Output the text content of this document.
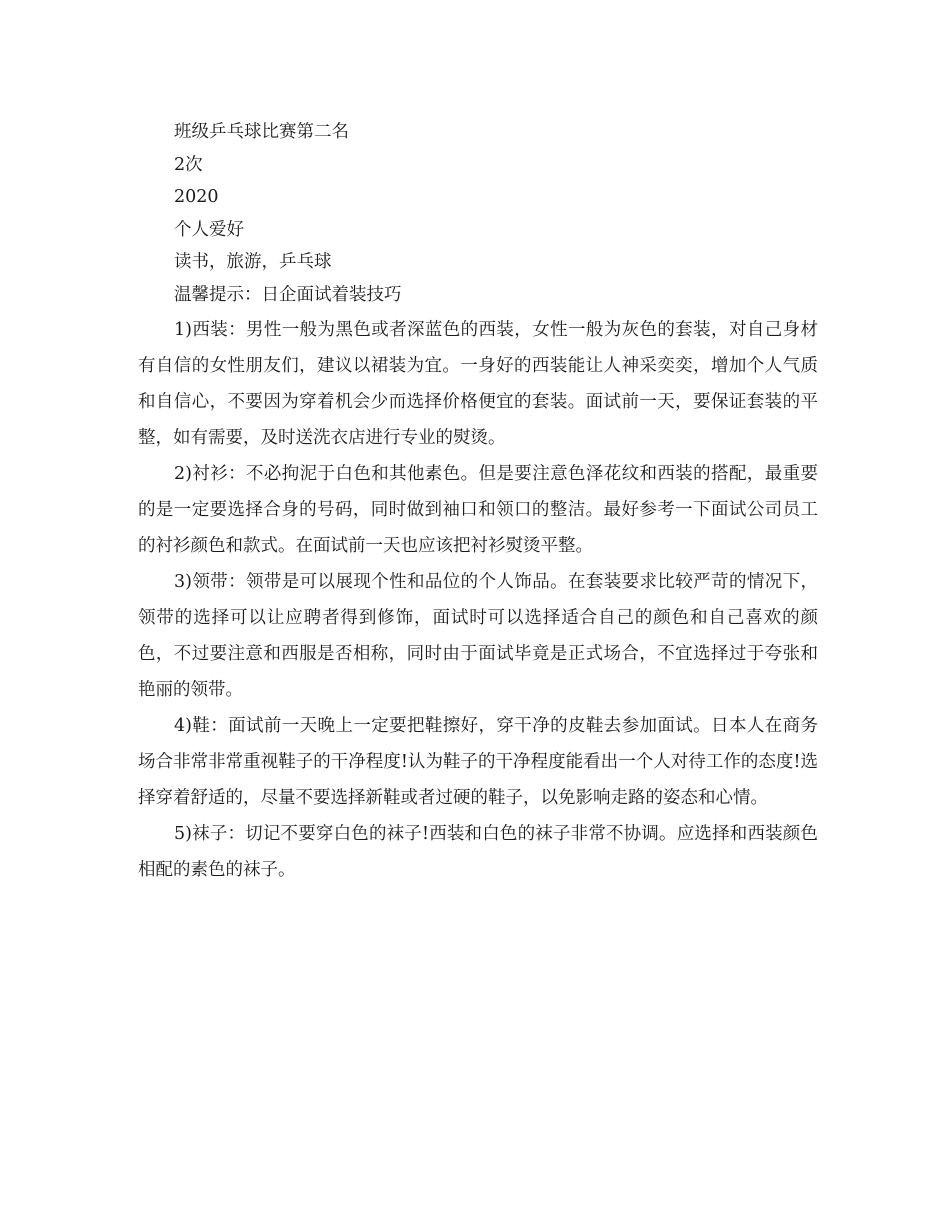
班级乒乓球比赛第二名

2次

2020

个人爱好

读书，旅游，乒乓球

温馨提示：日企面试着装技巧

1)西装：男性一般为黑色或者深蓝色的西装，女性一般为灰色的套装，对自己身材有自信的女性朋友们，建议以裙装为宜。一身好的西装能让人神采奕奕，增加个人气质和自信心，不要因为穿着机会少而选择价格便宜的套装。面试前一天，要保证套装的平整，如有需要，及时送洗衣店进行专业的熨烫。

2)衬衫：不必拘泥于白色和其他素色。但是要注意色泽花纹和西装的搭配，最重要的是一定要选择合身的号码，同时做到袖口和领口的整洁。最好参考一下面试公司员工的衬衫颜色和款式。在面试前一天也应该把衬衫熨烫平整。

3)领带：领带是可以展现个性和品位的个人饰品。在套装要求比较严苛的情况下，领带的选择可以让应聘者得到修饰，面试时可以选择适合自己的颜色和自己喜欢的颜色，不过要注意和西服是否相称，同时由于面试毕竟是正式场合，不宜选择过于夸张和艳丽的领带。

4)鞋：面试前一天晚上一定要把鞋擦好，穿干净的皮鞋去参加面试。日本人在商务场合非常非常重视鞋子的干净程度!认为鞋子的干净程度能看出一个人对待工作的态度!选择穿着舒适的，尽量不要选择新鞋或者过硬的鞋子，以免影响走路的姿态和心情。

5)袜子：切记不要穿白色的袜子!西装和白色的袜子非常不协调。应选择和西装颜色相配的素色的袜子。
